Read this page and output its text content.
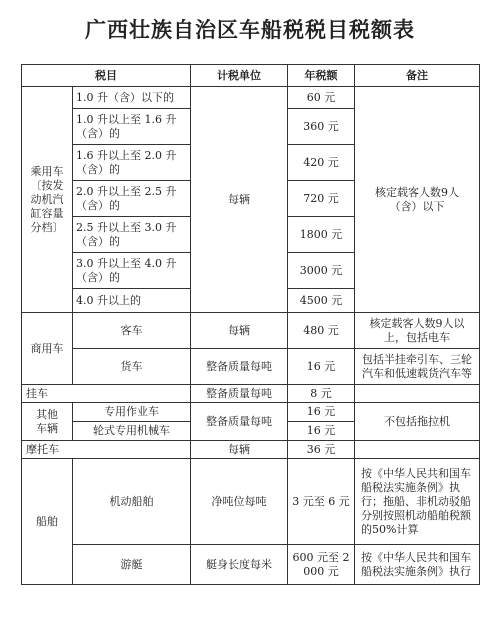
广西壮族自治区车船税税目税额表
税目		计税单位	年税额	备注
乘用车〔按发动机汽缸容量分档〕	1.0 升（含）以下的	每辆	60 元	核定载客人数9人（含）以下
	1.0 升以上至 1.6 升（含）的		360 元	
	1.6 升以上至 2.0 升（含）的		420 元	
	2.0 升以上至 2.5 升（含）的		720 元	
	2.5 升以上至 3.0 升（含）的		1800 元	
	3.0 升以上至 4.0 升（含）的		3000 元	
	4.0 升以上的		4500 元	
商用车	客车	每辆	480 元	核定载客人数9人以上，包括电车
	货车	整备质量每吨	16 元	包括半挂牵引车、三轮汽车和低速载货汽车等
挂车		整备质量每吨	8 元	
其他车辆	专用作业车	整备质量每吨	16 元	不包括拖拉机
	轮式专用机械车		16 元	
摩托车		每辆	36 元	
船舶	机动船舶	净吨位每吨	3 元至 6 元	按《中华人民共和国车船税法实施条例》执行；拖船、非机动驳船分别按照机动船舶税额的50%计算
	游艇	艇身长度每米	600 元至 2000 元	按《中华人民共和国车船税法实施条例》执行
